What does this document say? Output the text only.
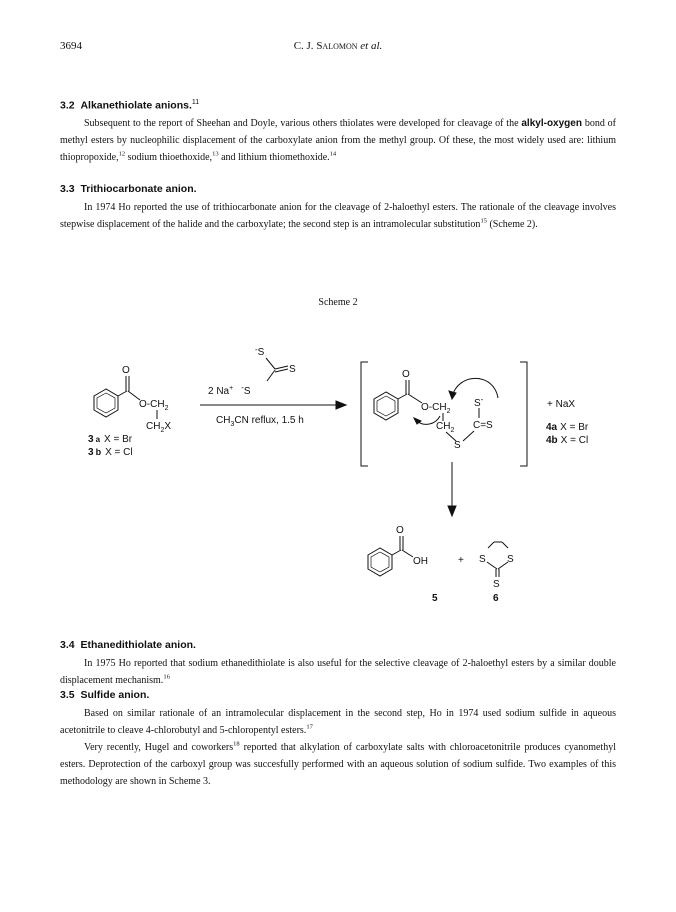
3694	C. J. Salomon et al.
3.2 Alkanethiolate anions.$^{11}$

Subsequent to the report of Sheehan and Doyle, various others thiolates were developed for cleavage of the alkyl-oxygen bond of methyl esters by nucleophilic displacement of the carboxylate anion from the methyl group. Of these, the most widely used are: lithium thiopropoxide,$^{12}$ sodium thioethoxide,$^{13}$ and lithium thiomethoxide.$^{14}$

3.3 Trithiocarbonate anion.

In 1974 Ho reported the use of trithiocarbonate anion for the cleavage of 2-haloethyl esters. The rationale of the cleavage involves stepwise displacement of the halide and the carboxylate; the second step is an intramolecular substitution$^{15}$ (Scheme 2).

Scheme 2
O
$O-CH_2$
$CH_2X$
3 a X = Br
3 b X = Cl
-S
S
2 Na+ -S
$CH_3CN$ reflux, 1.5 h
O
$O-CH_2$
$CH_2$
S
C=S
S-	+ NaX
4a X = Br
4b X = Cl
O
OH	+ S S
S
5	6
3.4 Ethanedithiolate anion.

In 1975 Ho reported that sodium ethanedithiolate is also useful for the selective cleavage of 2-haloethyl esters by a similar double displacement mechanism.$^{16}$

3.5 Sulfide anion.

Based on similar rationale of an intramolecular displacement in the second step, Ho in 1974 used sodium sulfide in aqueous acetonitrile to cleave 4-chlorobutyl and 5-chloropentyl esters.$^{17}$

Very recently, Hugel and coworkers$^{18}$ reported that alkylation of carboxylate salts with chloroacetonitrile produces cyanomethyl esters. Deprotection of the carboxyl group was succesfully performed with an aqueous solution of sodium sulfide. Two examples of this methodology are shown in Scheme 3.
